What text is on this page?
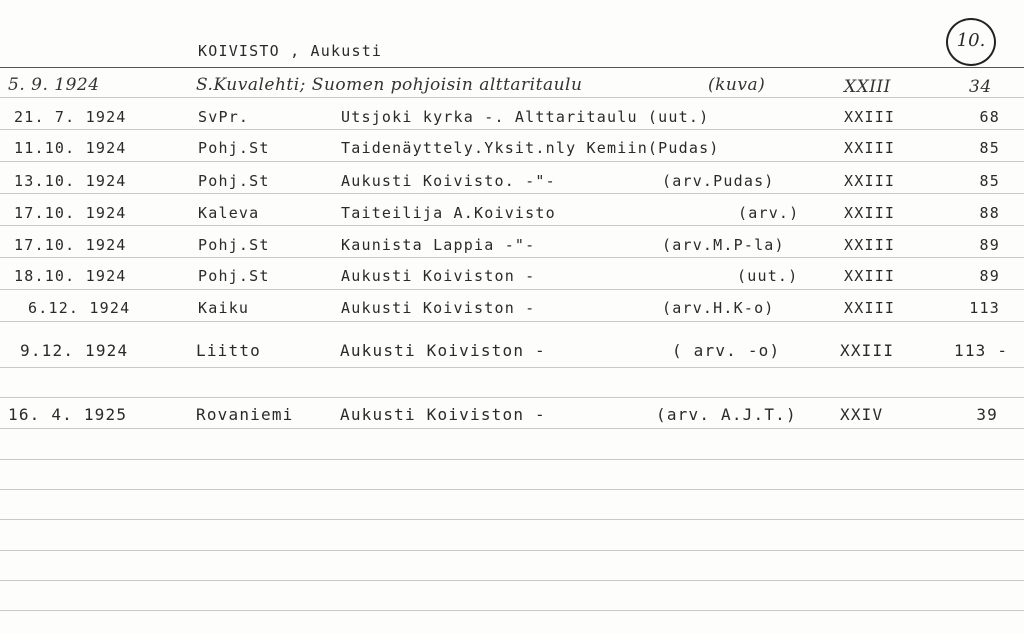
KOIVISTO , Aukusti	10.
5. 9. 1924	S.Kuvalehti; Suomen pohjoisin alttaritaulu	(kuva)	XXIII	34
21. 7. 1924	SvPr.	Utsjoki kyrka -. Alttaritaulu (uut.)	XXIII	68
11.10. 1924	Pohj.St	Taidenäyttely.Yksit.nly Kemiin(Pudas)	XXIII	85
13.10. 1924	Pohj.St	Aukusti Koivisto. -"-	(arv.Pudas)	XXIII	85
17.10. 1924	Kaleva	Taiteilija A.Koivisto	(arv.)	XXIII	88
17.10. 1924	Pohj.St	Kaunista Lappia -"-	(arv.M.P-la)	XXIII	89
18.10. 1924	Pohj.St	Aukusti Koiviston -	(uut.)	XXIII	89
6.12. 1924	Kaiku	Aukusti Koiviston -	(arv.H.K-o)	XXIII	113
9.12. 1924	Liitto	Aukusti Koiviston -	( arv. -o)	XXIII	113 -
16. 4. 1925	Rovaniemi	Aukusti Koiviston -	(arv. A.J.T.)	XXIV	39
